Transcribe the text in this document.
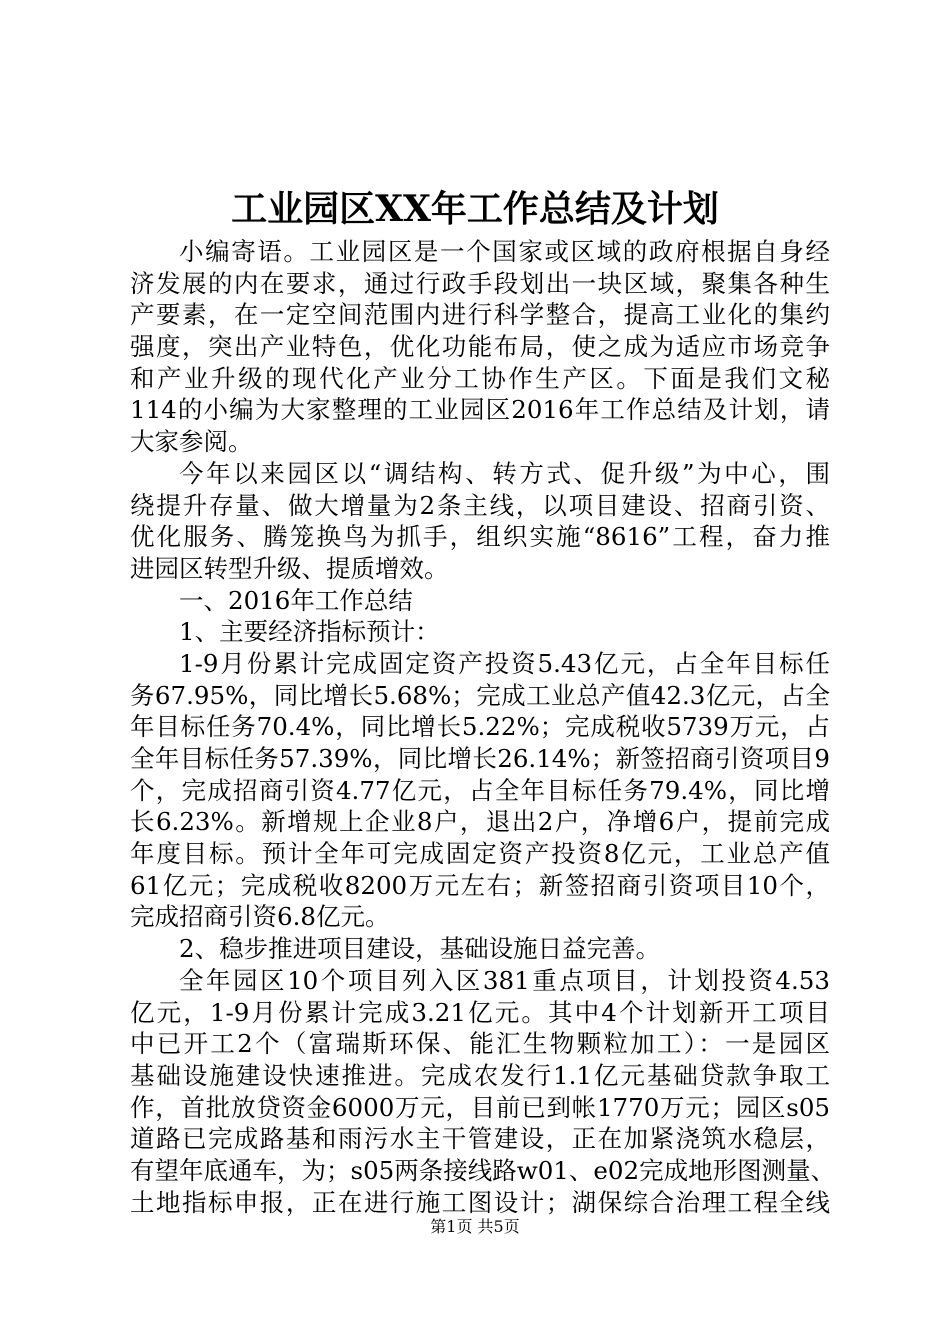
工业园区XX年工作总结及计划
小编寄语。工业园区是一个国家或区域的政府根据自身经
济发展的内在要求，通过行政手段划出一块区域，聚集各种生
产要素，在一定空间范围内进行科学整合，提高工业化的集约
强度，突出产业特色，优化功能布局，使之成为适应市场竞争
和产业升级的现代化产业分工协作生产区。下面是我们文秘
114的小编为大家整理的工业园区2016年工作总结及计划，请
大家参阅。
今年以来园区以“调结构、转方式、促升级”为中心，围
绕提升存量、做大增量为2条主线，以项目建设、招商引资、
优化服务、腾笼换鸟为抓手，组织实施“8616”工程，奋力推
进园区转型升级、提质增效。
一、2016年工作总结
1、主要经济指标预计：
1-9月份累计完成固定资产投资5.43亿元，占全年目标任
务67.95%，同比增长5.68%；完成工业总产值42.3亿元，占全
年目标任务70.4%，同比增长5.22%；完成税收5739万元，占
全年目标任务57.39%，同比增长26.14%；新签招商引资项目9
个，完成招商引资4.77亿元，占全年目标任务79.4%，同比增
长6.23%。新增规上企业8户，退出2户，净增6户，提前完成
年度目标。预计全年可完成固定资产投资8亿元，工业总产值
61亿元；完成税收8200万元左右；新签招商引资项目10个，
完成招商引资6.8亿元。
2、稳步推进项目建设，基础设施日益完善。
全年园区10个项目列入区381重点项目，计划投资4.53
亿元，1-9月份累计完成3.21亿元。其中4个计划新开工项目
中已开工2个（富瑞斯环保、能汇生物颗粒加工）：一是园区
基础设施建设快速推进。完成农发行1.1亿元基础贷款争取工
作，首批放贷资金6000万元，目前已到帐1770万元；园区s05
道路已完成路基和雨污水主干管建设，正在加紧浇筑水稳层，
有望年底通车，为；s05两条接线路w01、e02完成地形图测量、
土地指标申报，正在进行施工图设计；湖保综合治理工程全线
第1页 共5页
